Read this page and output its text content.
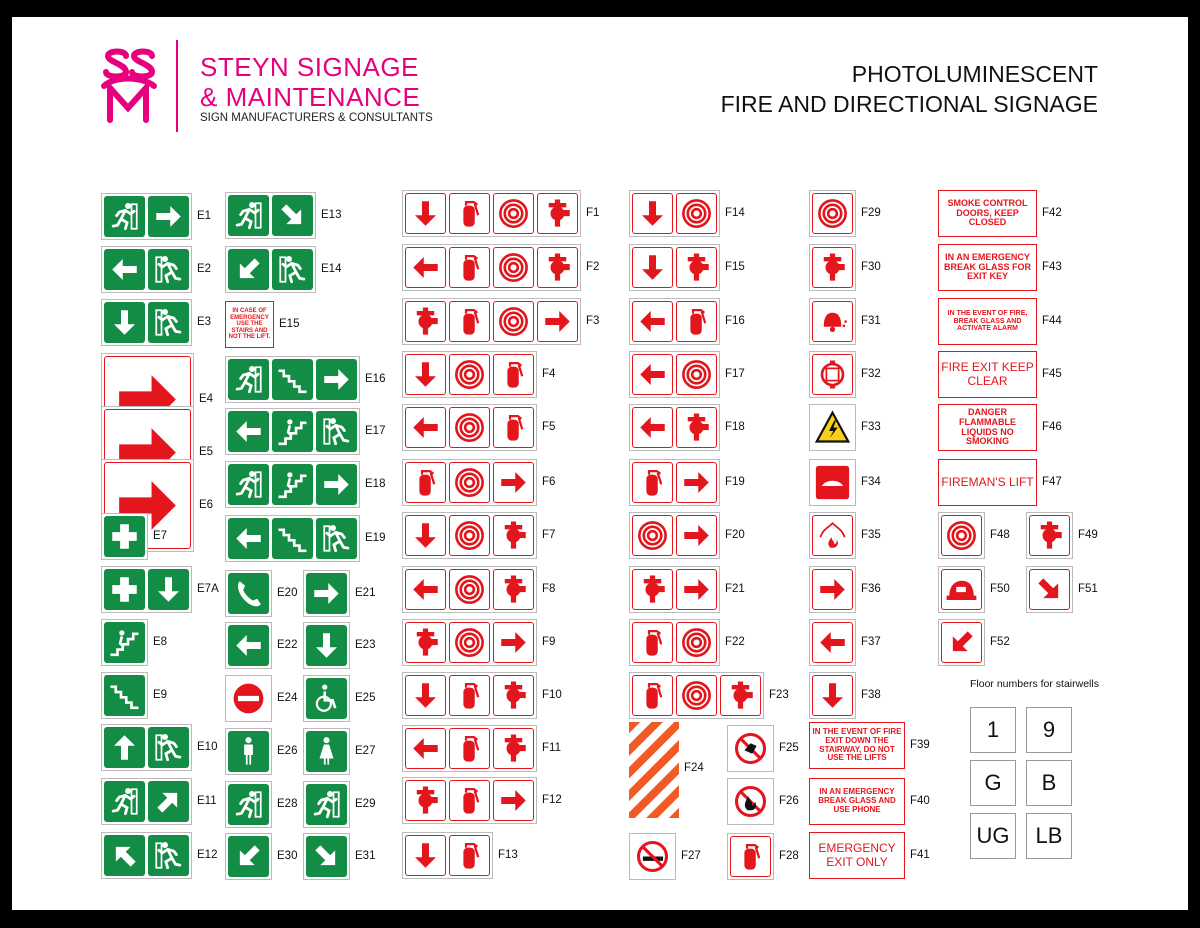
STEYN SIGNAGE
& MAINTENANCE
SIGN MANUFACTURERS & CONSULTANTS
PHOTOLUMINESCENT
FIRE AND DIRECTIONAL SIGNAGE
E1
E2
E3
E4
E5
E6
E7
E7A
E8
E9
E10
E11
E12
E13
E14
IN CASE OF EMERGENCY USE THE STAIRS AND NOT THE LIFT.
E15
E16
E17
E18
E19
E20	E21
E22	E23
E24	E25
E26	E27
E28	E29
E30	E31
F1
F2
F3
F4
F5
F6
F7
F8
F9
F10
F11
F12
F13
F14
F15
F16
F17
F18
F19
F20
F21
F22
F23
F24
F25
F26
F27	F28
F29
F30
F31
F32
F33
F34
F35
F36
F37
F38
IN THE EVENT OF FIRE EXIT DOWN THE STAIRWAY, DO NOT USE THE LIFTS
F39
IN AN EMERGENCY BREAK GLASS AND USE PHONE
F40
EMERGENCY EXIT ONLY	F41
SMOKE CONTROL DOORS, KEEP CLOSED
F42
IN AN EMERGENCY BREAK GLASS FOR EXIT KEY
F43
IN THE EVENT OF FIRE, BREAK GLASS AND ACTIVATE ALARM
F44
FIRE EXIT KEEP CLEAR	F45
DANGER FLAMMABLE LIQUIDS NO SMOKING
F46
FIREMAN'S LIFT F47
F48	F49
F50	F51
F52
Floor numbers for stairwells
1	9
G	B
UG	LB
